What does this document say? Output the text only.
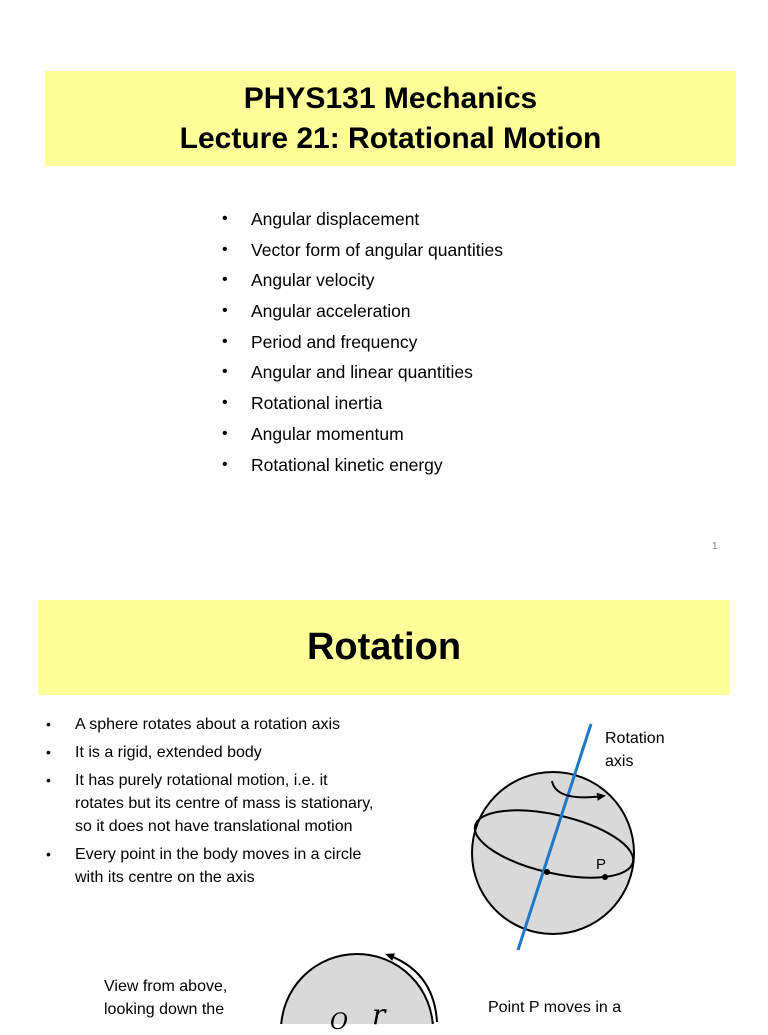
PHYS131 Mechanics
Lecture 21: Rotational Motion
• Angular displacement
• Vector form of angular quantities
• Angular velocity
• Angular acceleration
• Period and frequency
• Angular and linear quantities
• Rotational inertia
• Angular momentum
• Rotational kinetic energy
1
Rotation
• A sphere rotates about a rotation axis
• It is a rigid, extended body
• It has purely rotational motion, i.e. it
rotates but its centre of mass is stationary,
so it does not have translational motion
• Every point in the body moves in a circle
with its centre on the axis
Rotation
axis
P
View from above,
looking down the	Point P moves in a
r
O
